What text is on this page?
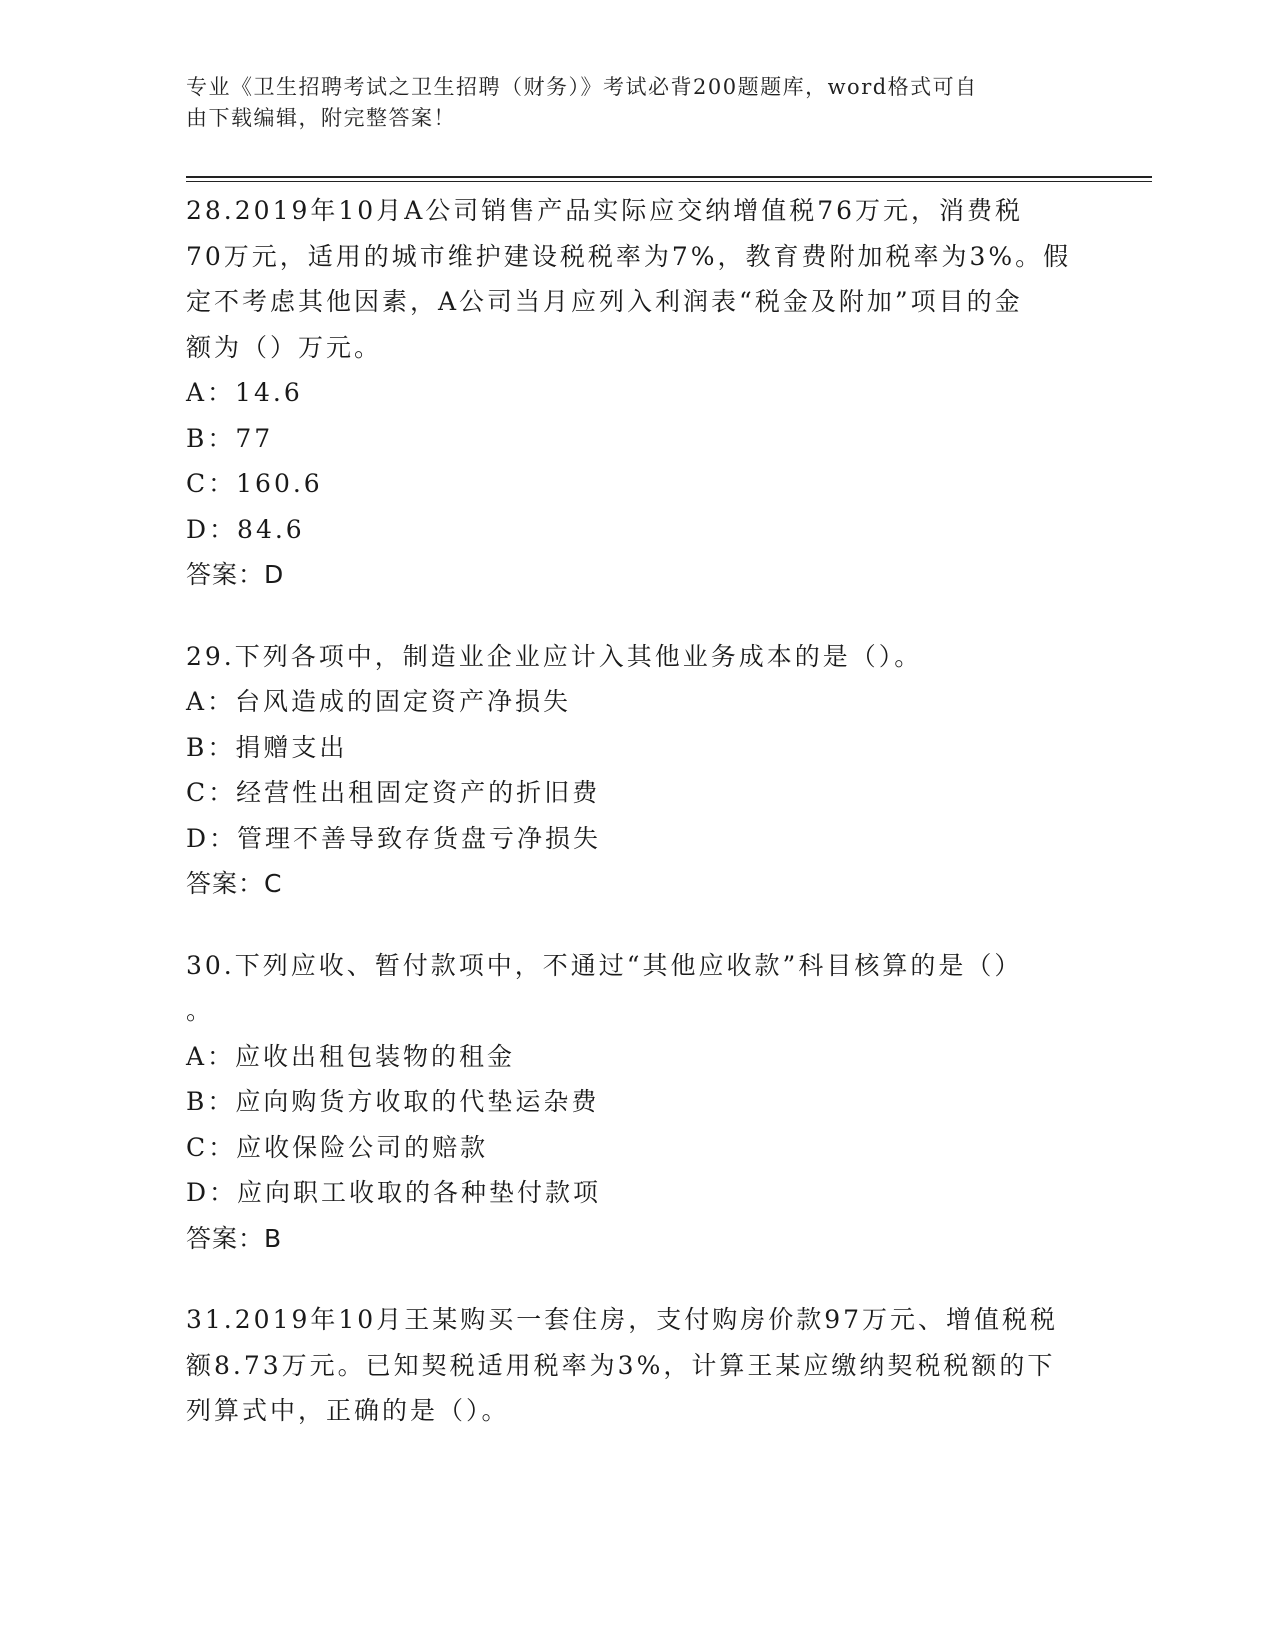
专业《卫生招聘考试之卫生招聘（财务）》考试必背200题题库，word格式可自
由下载编辑，附完整答案！

28.2019年10月A公司销售产品实际应交纳增值税76万元，消费税

70万元，适用的城市维护建设税税率为7%，教育费附加税率为3%。假

定不考虑其他因素，A公司当月应列入利润表“税金及附加”项目的金

额为（）万元。

A：14.6

B：77

C：160.6

D：84.6

答案：D

29.下列各项中，制造业企业应计入其他业务成本的是（）。

A：台风造成的固定资产净损失

B：捐赠支出

C：经营性出租固定资产的折旧费

D：管理不善导致存货盘亏净损失

答案：C

30.下列应收、暂付款项中，不通过“其他应收款”科目核算的是（）

。

A：应收出租包装物的租金

B：应向购货方收取的代垫运杂费

C：应收保险公司的赔款

D：应向职工收取的各种垫付款项

答案：B

31.2019年10月王某购买一套住房，支付购房价款97万元、增值税税

额8.73万元。已知契税适用税率为3%，计算王某应缴纳契税税额的下

列算式中，正确的是（）。
